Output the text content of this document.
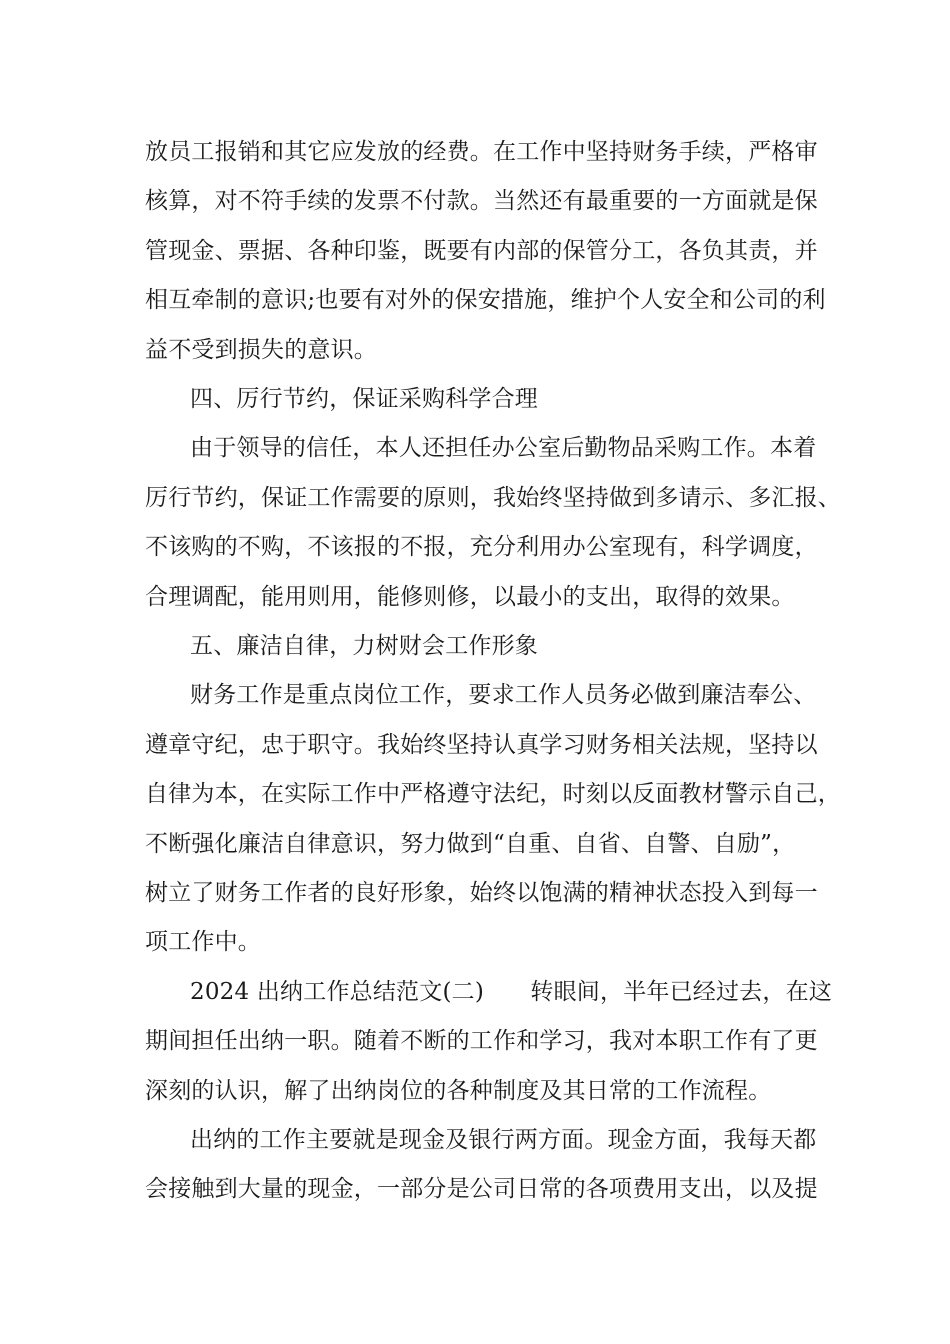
放员工报销和其它应发放的经费。在工作中坚持财务手续，严格审
核算，对不符手续的发票不付款。当然还有最重要的一方面就是保
管现金、票据、各种印鉴，既要有内部的保管分工，各负其责，并
相互牵制的意识;也要有对外的保安措施，维护个人安全和公司的利
益不受到损失的意识。
四、厉行节约，保证采购科学合理
由于领导的信任，本人还担任办公室后勤物品采购工作。本着
厉行节约，保证工作需要的原则，我始终坚持做到多请示、多汇报、
不该购的不购，不该报的不报，充分利用办公室现有，科学调度，
合理调配，能用则用，能修则修，以最小的支出，取得的效果。
五、廉洁自律，力树财会工作形象
财务工作是重点岗位工作，要求工作人员务必做到廉洁奉公、
遵章守纪，忠于职守。我始终坚持认真学习财务相关法规，坚持以
自律为本，在实际工作中严格遵守法纪，时刻以反面教材警示自己，
不断强化廉洁自律意识，努力做到“自重、自省、自警、自励”，
树立了财务工作者的良好形象，始终以饱满的精神状态投入到每一
项工作中。
2024 出纳工作总结范文(二)　　转眼间，半年已经过去，在这
期间担任出纳一职。随着不断的工作和学习，我对本职工作有了更
深刻的认识，解了出纳岗位的各种制度及其日常的工作流程。
出纳的工作主要就是现金及银行两方面。现金方面，我每天都
会接触到大量的现金，一部分是公司日常的各项费用支出，以及提
